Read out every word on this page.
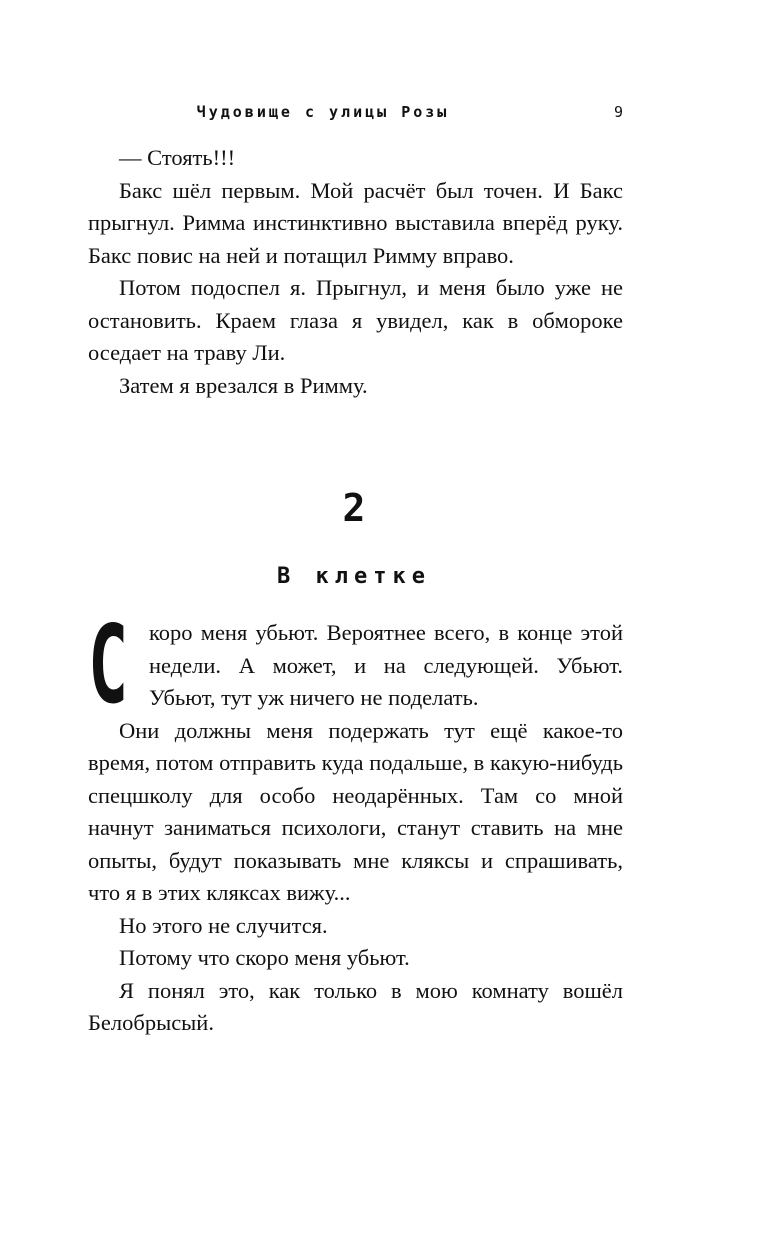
Чудовище с улицы Розы	9

— Стоять!!!

Бакс шёл первым. Мой расчёт был точен. И Бакс прыгнул. Римма инстинктивно выставила вперёд руку. Бакс повис на ней и потащил Римму вправо.

Потом подоспел я. Прыгнул, и меня было уже не остановить. Краем глаза я увидел, как в обмороке оседает на траву Ли.

Затем я врезался в Римму.

2
В клетке

С коро меня убьют. Вероятнее всего, в конце этой недели. А может, и на следующей. Убьют. Убьют, тут уж ничего не поделать.

Они должны меня подержать тут ещё какое-то время, потом отправить куда подальше, в какую-нибудь спецшколу для особо неодарённых. Там со мной начнут заниматься психологи, станут ставить на мне опыты, будут показывать мне кляксы и спрашивать, что я в этих кляксах вижу...

Но этого не случится.

Потому что скоро меня убьют.

Я понял это, как только в мою комнату вошёл Белобрысый.
